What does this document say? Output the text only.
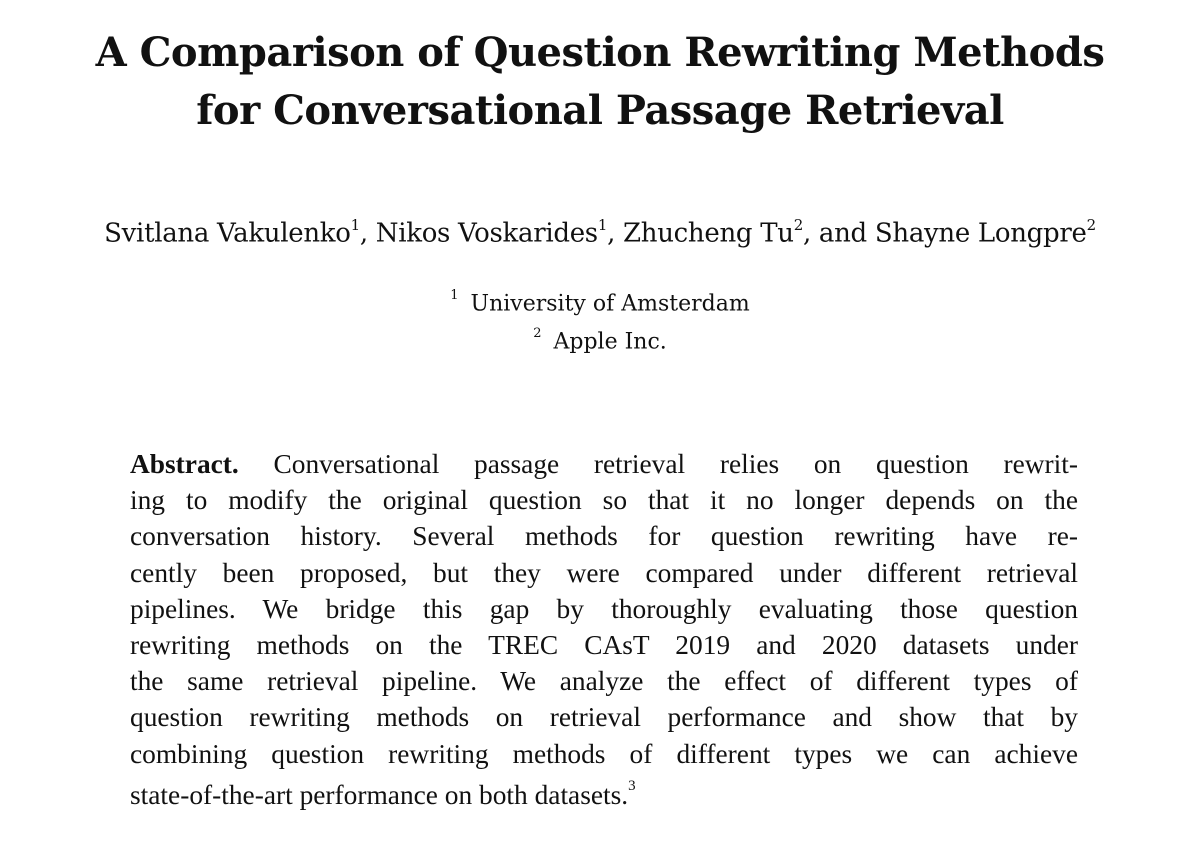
A Comparison of Question Rewriting Methods
for Conversational Passage Retrieval
Svitlana Vakulenko$^1$, Nikos Voskarides$^1$, Zhucheng Tu$^2$, and Shayne Longpre$^2$
$^1$ University of Amsterdam
$^2$ Apple Inc.
Abstract. Conversational passage retrieval relies on question rewrit-
ing to modify the original question so that it no longer depends on the
conversation history. Several methods for question rewriting have re-
cently been proposed, but they were compared under different retrieval
pipelines. We bridge this gap by thoroughly evaluating those question
rewriting methods on the TREC CAsT 2019 and 2020 datasets under
the same retrieval pipeline. We analyze the effect of different types of
question rewriting methods on retrieval performance and show that by
combining question rewriting methods of different types we can achieve
state-of-the-art performance on both datasets.$^3$
